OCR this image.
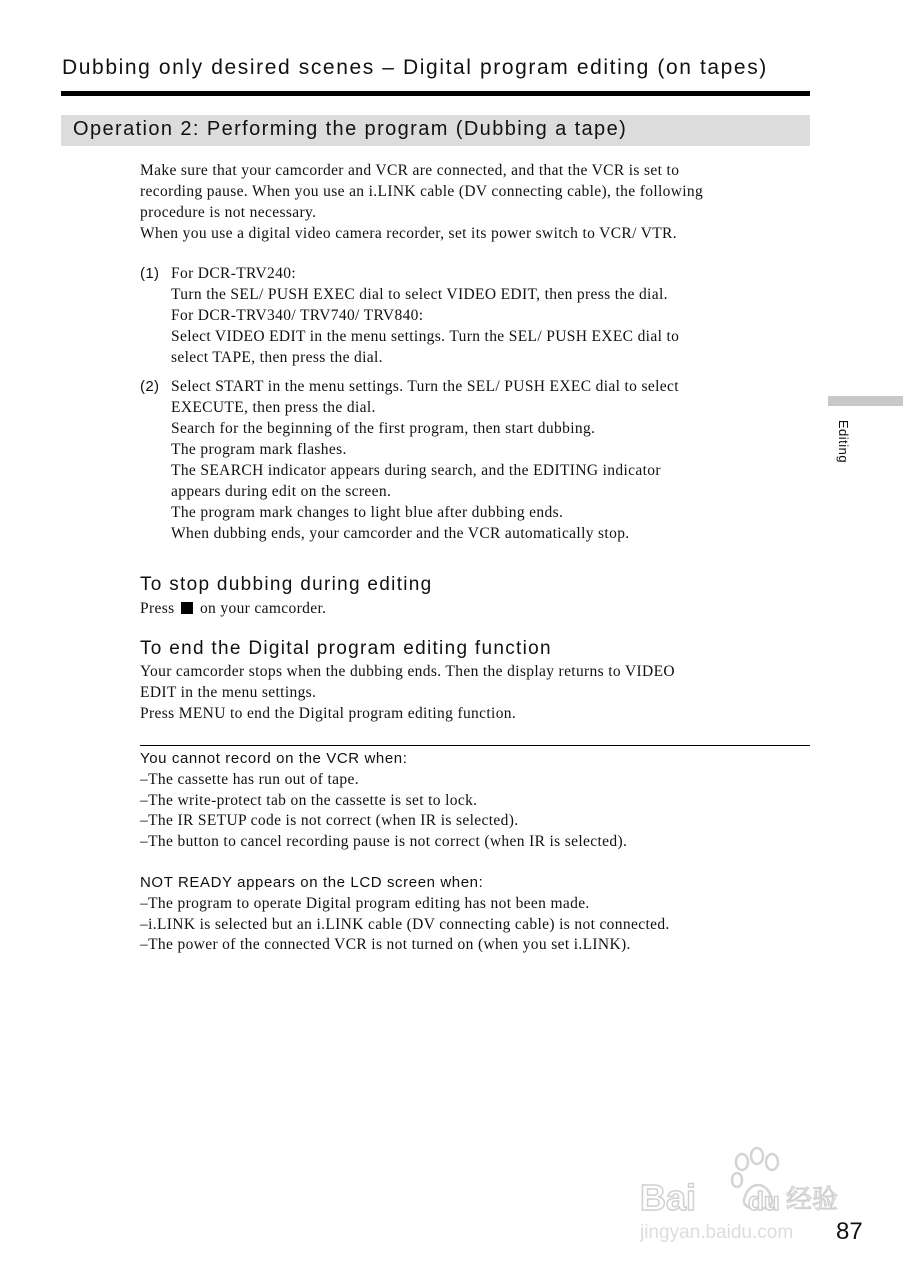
Dubbing only desired scenes – Digital program editing (on tapes)
Operation 2: Performing the program (Dubbing a tape)
Make sure that your camcorder and VCR are connected, and that the VCR is set to
recording pause. When you use an i.LINK cable (DV connecting cable), the following
procedure is not necessary.
When you use a digital video camera recorder, set its power switch to VCR/ VTR.
(1) For DCR-TRV240:
Turn the SEL/ PUSH EXEC dial to select VIDEO EDIT, then press the dial.
For DCR-TRV340/ TRV740/ TRV840:
Select VIDEO EDIT in the menu settings. Turn the SEL/ PUSH EXEC dial to
select TAPE, then press the dial.
(2) Select START in the menu settings. Turn the SEL/ PUSH EXEC dial to select
EXECUTE, then press the dial.
Search for the beginning of the first program, then start dubbing.
The program mark flashes.
The SEARCH indicator appears during search, and the EDITING indicator
appears during edit on the screen.
The program mark changes to light blue after dubbing ends.
When dubbing ends, your camcorder and the VCR automatically stop.
To stop dubbing during editing
Press on your camcorder.
To end the Digital program editing function
Your camcorder stops when the dubbing ends. Then the display returns to VIDEO
EDIT in the menu settings.
Press MENU to end the Digital program editing function.
You cannot record on the VCR when:
–The cassette has run out of tape.
–The write-protect tab on the cassette is set to lock.
–The IR SETUP code is not correct (when IR is selected).
–The button to cancel recording pause is not correct (when IR is selected).
NOT READY appears on the LCD screen when:
–The program to operate Digital program editing has not been made.
–i.LINK is selected but an i.LINK cable (DV connecting cable) is not connected.
–The power of the connected VCR is not turned on (when you set i.LINK).
Editing
Bai du 经验
jingyan.baidu.com 87
